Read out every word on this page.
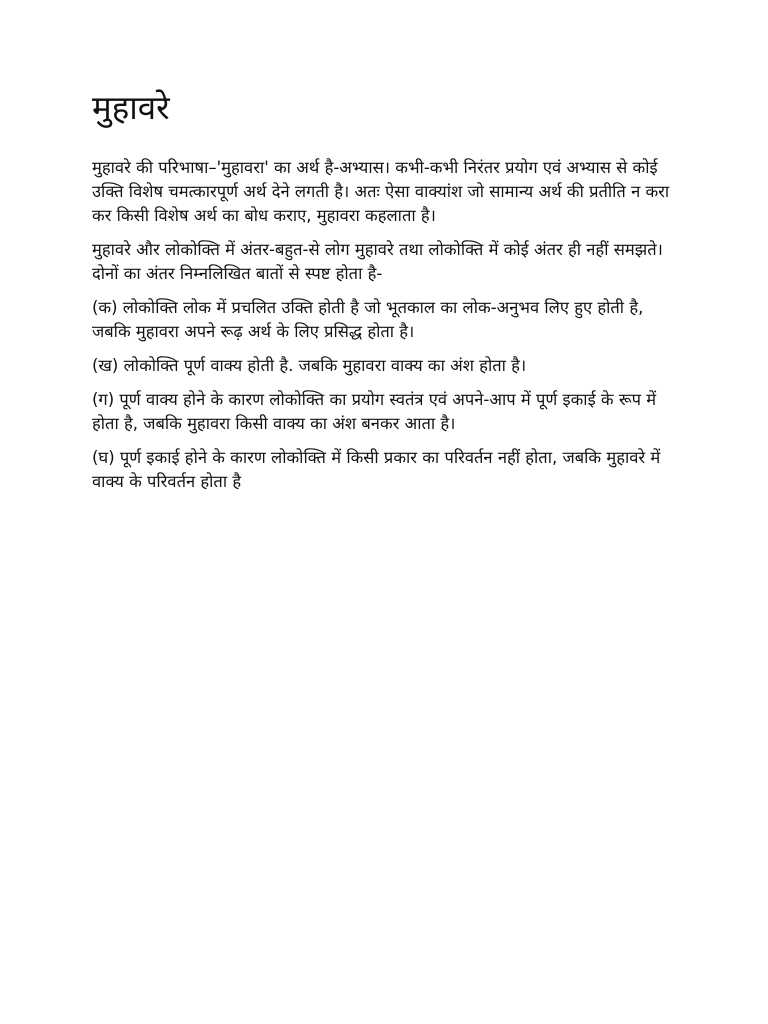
मुहावरे

मुहावरे की परिभाषा–'मुहावरा' का अर्थ है-अभ्यास। कभी-कभी निरंतर प्रयोग एवं अभ्यास से कोई उक्ति विशेष चमत्कारपूर्ण अर्थ देने लगती है। अतः ऐसा वाक्यांश जो सामान्य अर्थ की प्रतीति न करा कर किसी विशेष अर्थ का बोध कराए, मुहावरा कहलाता है।

मुहावरे और लोकोक्ति में अंतर-बहुत-से लोग मुहावरे तथा लोकोक्ति में कोई अंतर ही नहीं समझते। दोनों का अंतर निम्नलिखित बातों से स्पष्ट होता है-

(क) लोकोक्ति लोक में प्रचलित उक्ति होती है जो भूतकाल का लोक-अनुभव लिए हुए होती है, जबकि मुहावरा अपने रूढ़ अर्थ के लिए प्रसिद्ध होता है।

(ख) लोकोक्ति पूर्ण वाक्य होती है. जबकि मुहावरा वाक्य का अंश होता है।

(ग) पूर्ण वाक्य होने के कारण लोकोक्ति का प्रयोग स्वतंत्र एवं अपने-आप में पूर्ण इकाई के रूप में होता है, जबकि मुहावरा किसी वाक्य का अंश बनकर आता है।

(घ) पूर्ण इकाई होने के कारण लोकोक्ति में किसी प्रकार का परिवर्तन नहीं होता, जबकि मुहावरे में वाक्य के परिवर्तन होता है
